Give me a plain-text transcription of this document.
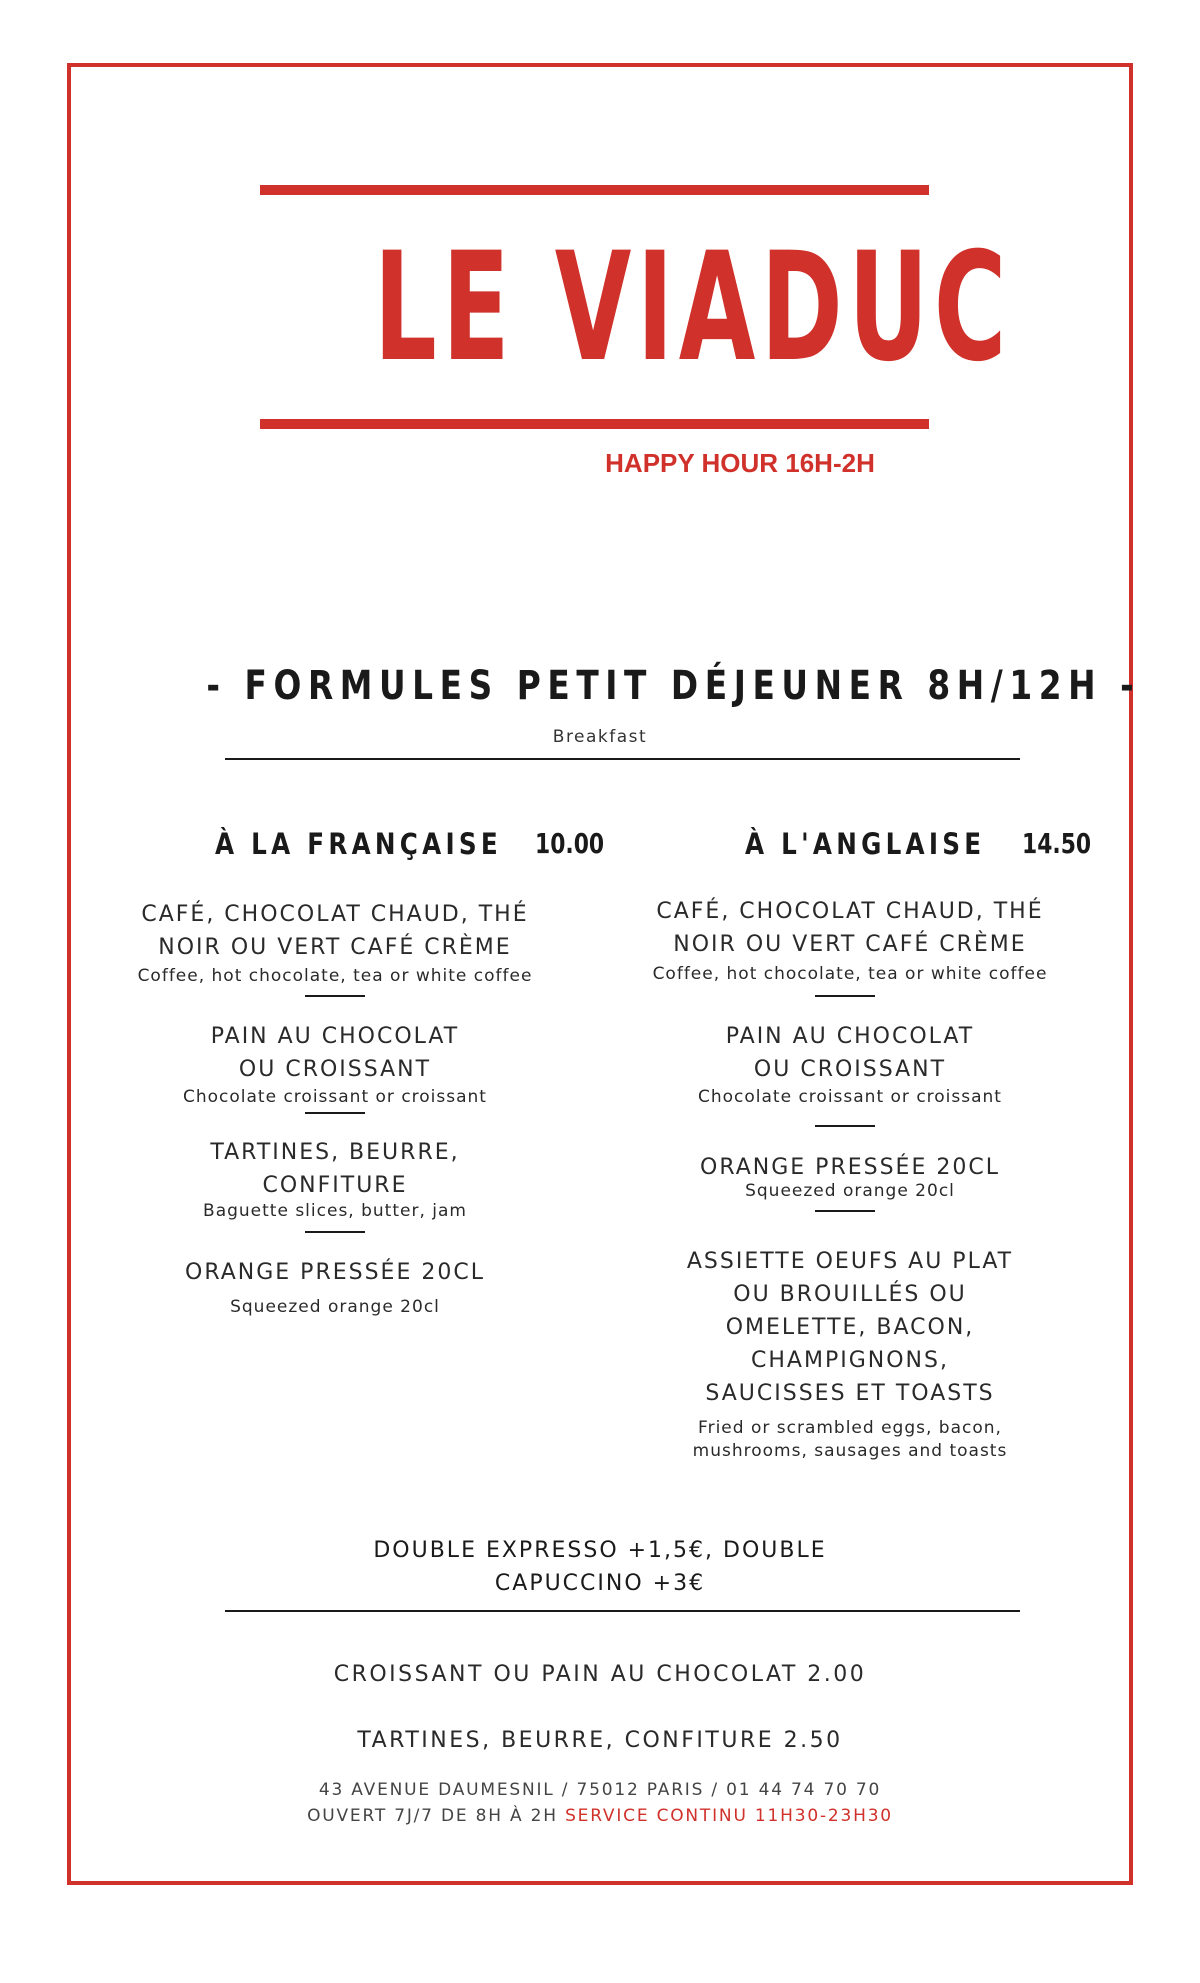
LE VIADUC
HAPPY HOUR 16H-2H
- FORMULES PETIT DÉJEUNER 8H/12H -
Breakfast
À LA FRANÇAISE 10.00
CAFÉ, CHOCOLAT CHAUD, THÉ
NOIR OU VERT CAFÉ CRÈME
Coffee, hot chocolate, tea or white coffee
PAIN AU CHOCOLAT
OU CROISSANT
Chocolate croissant or croissant
TARTINES, BEURRE,
CONFITURE
Baguette slices, butter, jam
ORANGE PRESSÉE 20CL
Squeezed orange 20cl
À L'ANGLAISE 14.50
CAFÉ, CHOCOLAT CHAUD, THÉ
NOIR OU VERT CAFÉ CRÈME
Coffee, hot chocolate, tea or white coffee
PAIN AU CHOCOLAT
OU CROISSANT
Chocolate croissant or croissant
ORANGE PRESSÉE 20CL
Squeezed orange 20cl
ASSIETTE OEUFS AU PLAT
OU BROUILLÉS OU
OMELETTE, BACON,
CHAMPIGNONS,
SAUCISSES ET TOASTS
Fried or scrambled eggs, bacon,
mushrooms, sausages and toasts
DOUBLE EXPRESSO +1,5€, DOUBLE
CAPUCCINO +3€
CROISSANT OU PAIN AU CHOCOLAT 2.00
TARTINES, BEURRE, CONFITURE 2.50
43 AVENUE DAUMESNIL / 75012 PARIS / 01 44 74 70 70
OUVERT 7J/7 DE 8H À 2H SERVICE CONTINU 11H30-23H30
